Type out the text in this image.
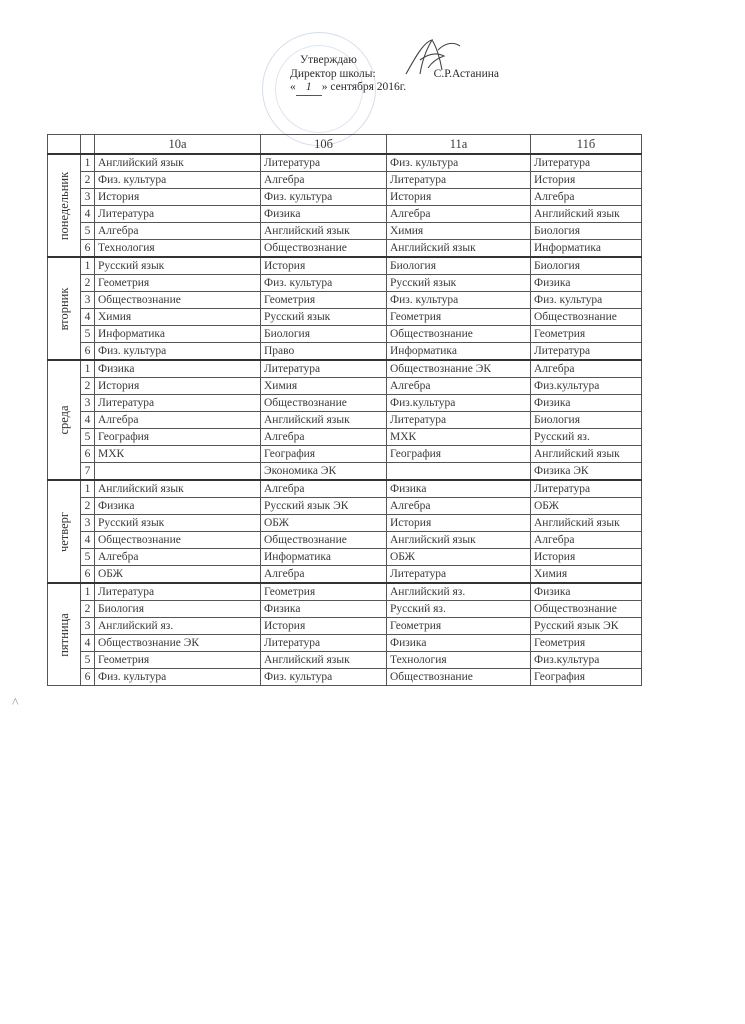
Утверждаю
Директор школы:	С.Р.Астанина
« 1 » сентября 2016г.
^
		10а	10б	11а	11б

понедельник	1	Английский язык	Литература	Физ. культура	Литература
	2	Физ. культура	Алгебра	Литература	История
	3	История	Физ. культура	История	Алгебра
	4	Литература	Физика	Алгебра	Английский язык
	5	Алгебра	Английский язык	Химия	Биология
	6	Технология	Обществознание	Английский язык	Информатика

вторник	1	Русский язык	История	Биология	Биология
	2	Геометрия	Физ. культура	Русский язык	Физика
	3	Обществознание	Геометрия	Физ. культура	Физ. культура
	4	Химия	Русский язык	Геометрия	Обществознание
	5	Информатика	Биология	Обществознание	Геометрия
	6	Физ. культура	Право	Информатика	Литература

среда	1	Физика	Литература	Обществознание ЭК	Алгебра
	2	История	Химия	Алгебра	Физ.культура
	3	Литература	Обществознание	Физ.культура	Физика
	4	Алгебра	Английский язык	Литература	Биология
	5	География	Алгебра	МХК	Русский яз.
	6	МХК	География	География	Английский язык
	7		Экономика ЭК		Физика ЭК

четверг	1	Английский язык	Алгебра	Физика	Литература
	2	Физика	Русский язык ЭК	Алгебра	ОБЖ
	3	Русский язык	ОБЖ	История	Английский язык
	4	Обществознание	Обществознание	Английский язык	Алгебра
	5	Алгебра	Информатика	ОБЖ	История
	6	ОБЖ	Алгебра	Литература	Химия

пятница	1	Литература	Геометрия	Английский яз.	Физика
	2	Биология	Физика	Русский яз.	Обществознание
	3	Английский яз.	История	Геометрия	Русский язык ЭК
	4	Обществознание ЭК	Литература	Физика	Геометрия
	5	Геометрия	Английский язык	Технология	Физ.культура
	6	Физ. культура	Физ. культура	Обществознание	География
